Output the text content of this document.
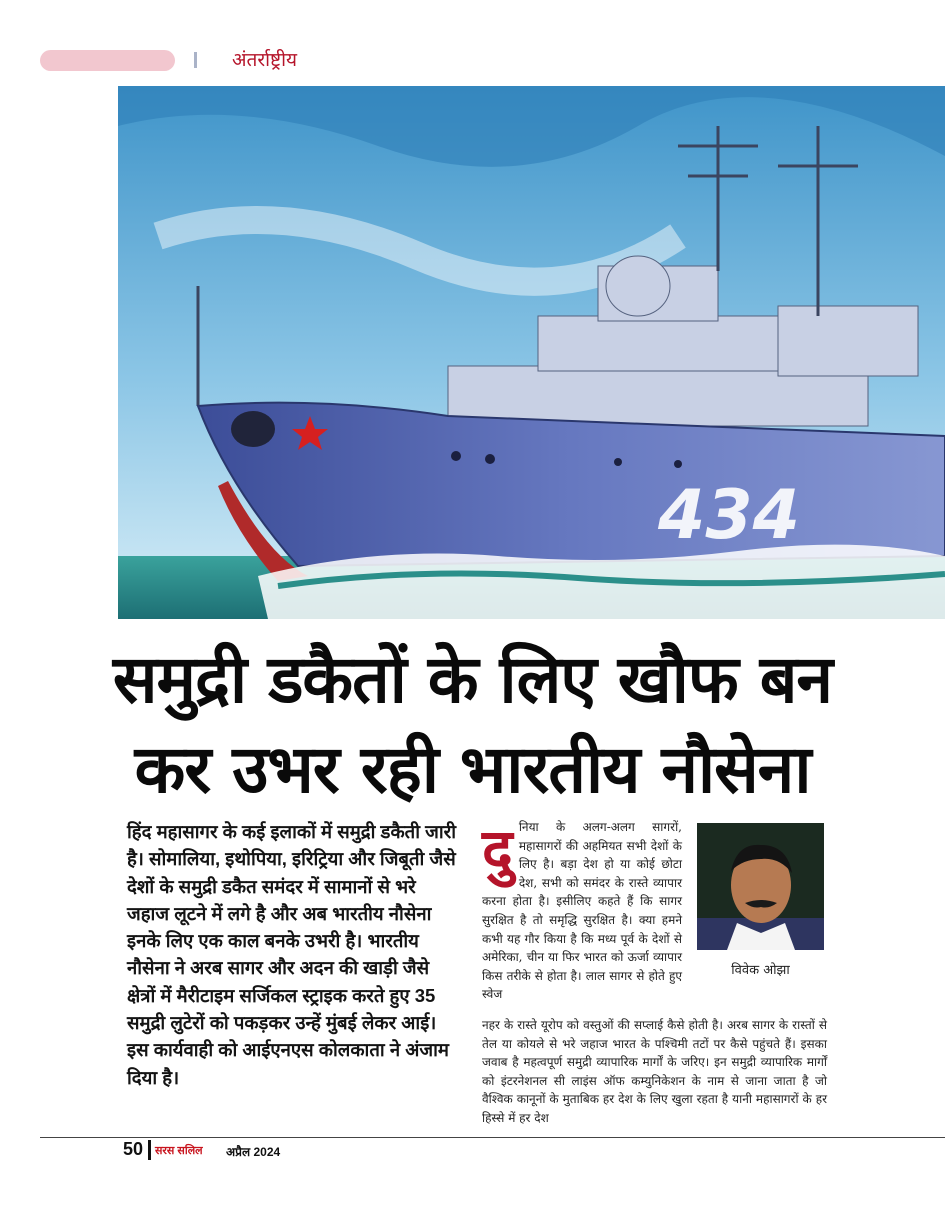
अंतर्राष्ट्रीय
434
समुद्री डकैतों के लिए खौफ बन
कर उभर रही भारतीय नौसेना
हिंद महासागर के कई इलाकों में समुद्री डकैती जारी है। सोमालिया, इथोपिया, इरिट्रिया और जिबूती जैसे देशों के समुद्री डकैत समंदर में सामानों से भरे जहाज लूटने में लगे है और अब भारतीय नौसेना इनके लिए एक काल बनके उभरी है। भारतीय नौसेना ने अरब सागर और अदन की खाड़ी जैसे क्षेत्रों में मैरीटाइम सर्जिकल स्ट्राइक करते हुए 35 समुद्री लुटेरों को पकड़कर उन्हें मुंबई लेकर आई। इस कार्यवाही को आईएनएस कोलकाता ने अंजाम दिया है।
दुनिया के अलग-अलग सागरों, महासागरों की अहमियत सभी देशों के लिए है। बड़ा देश हो या कोई छोटा देश, सभी को समंदर के रास्ते व्यापार करना होता है। इसीलिए कहते हैं कि सागर सुरक्षित है तो समृद्धि सुरक्षित है। क्या हमने कभी यह गौर किया है कि मध्य पूर्व के देशों से अमेरिका, चीन या फिर भारत को ऊर्जा व्यापार किस तरीके से होता है। लाल सागर से होते हुए स्वेज
विवेक ओझा
नहर के रास्ते यूरोप को वस्तुओं की सप्लाई कैसे होती है। अरब सागर के रास्तों से तेल या कोयले से भरे जहाज भारत के पश्चिमी तटों पर कैसे पहुंचते हैं। इसका जवाब है महत्वपूर्ण समुद्री व्यापारिक मार्गों के जरिए। इन समुद्री व्यापारिक मार्गों को इंटरनेशनल सी लाइंस ऑफ कम्युनिकेशन के नाम से जाना जाता है जो वैश्विक कानूनों के मुताबिक हर देश के लिए खुला रहता है यानी महासागरों के हर हिस्से में हर देश
50 सरस सलिल अप्रैल 2024
